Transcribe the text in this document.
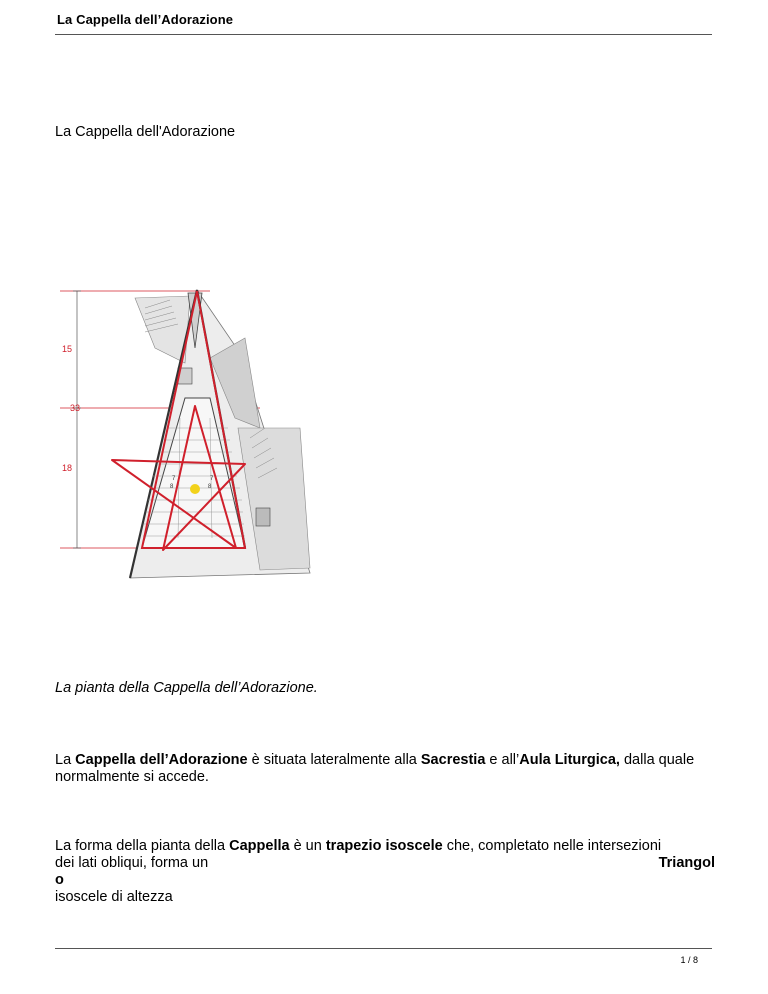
La Cappella dell’Adorazione
La Cappella dell'Adorazione
15
33
18
8	8
7	7
La pianta della Cappella dell’Adorazione.
La Cappella dell’Adorazione è situata lateralmente alla Sacrestia e all’Aula Liturgica, dalla quale normalmente si accede.
La forma della pianta della Cappella è un trapezio isoscele che, completato nelle intersezioni
dei lati obliqui, forma un	Triangol
o
isoscele di altezza
1 / 8
